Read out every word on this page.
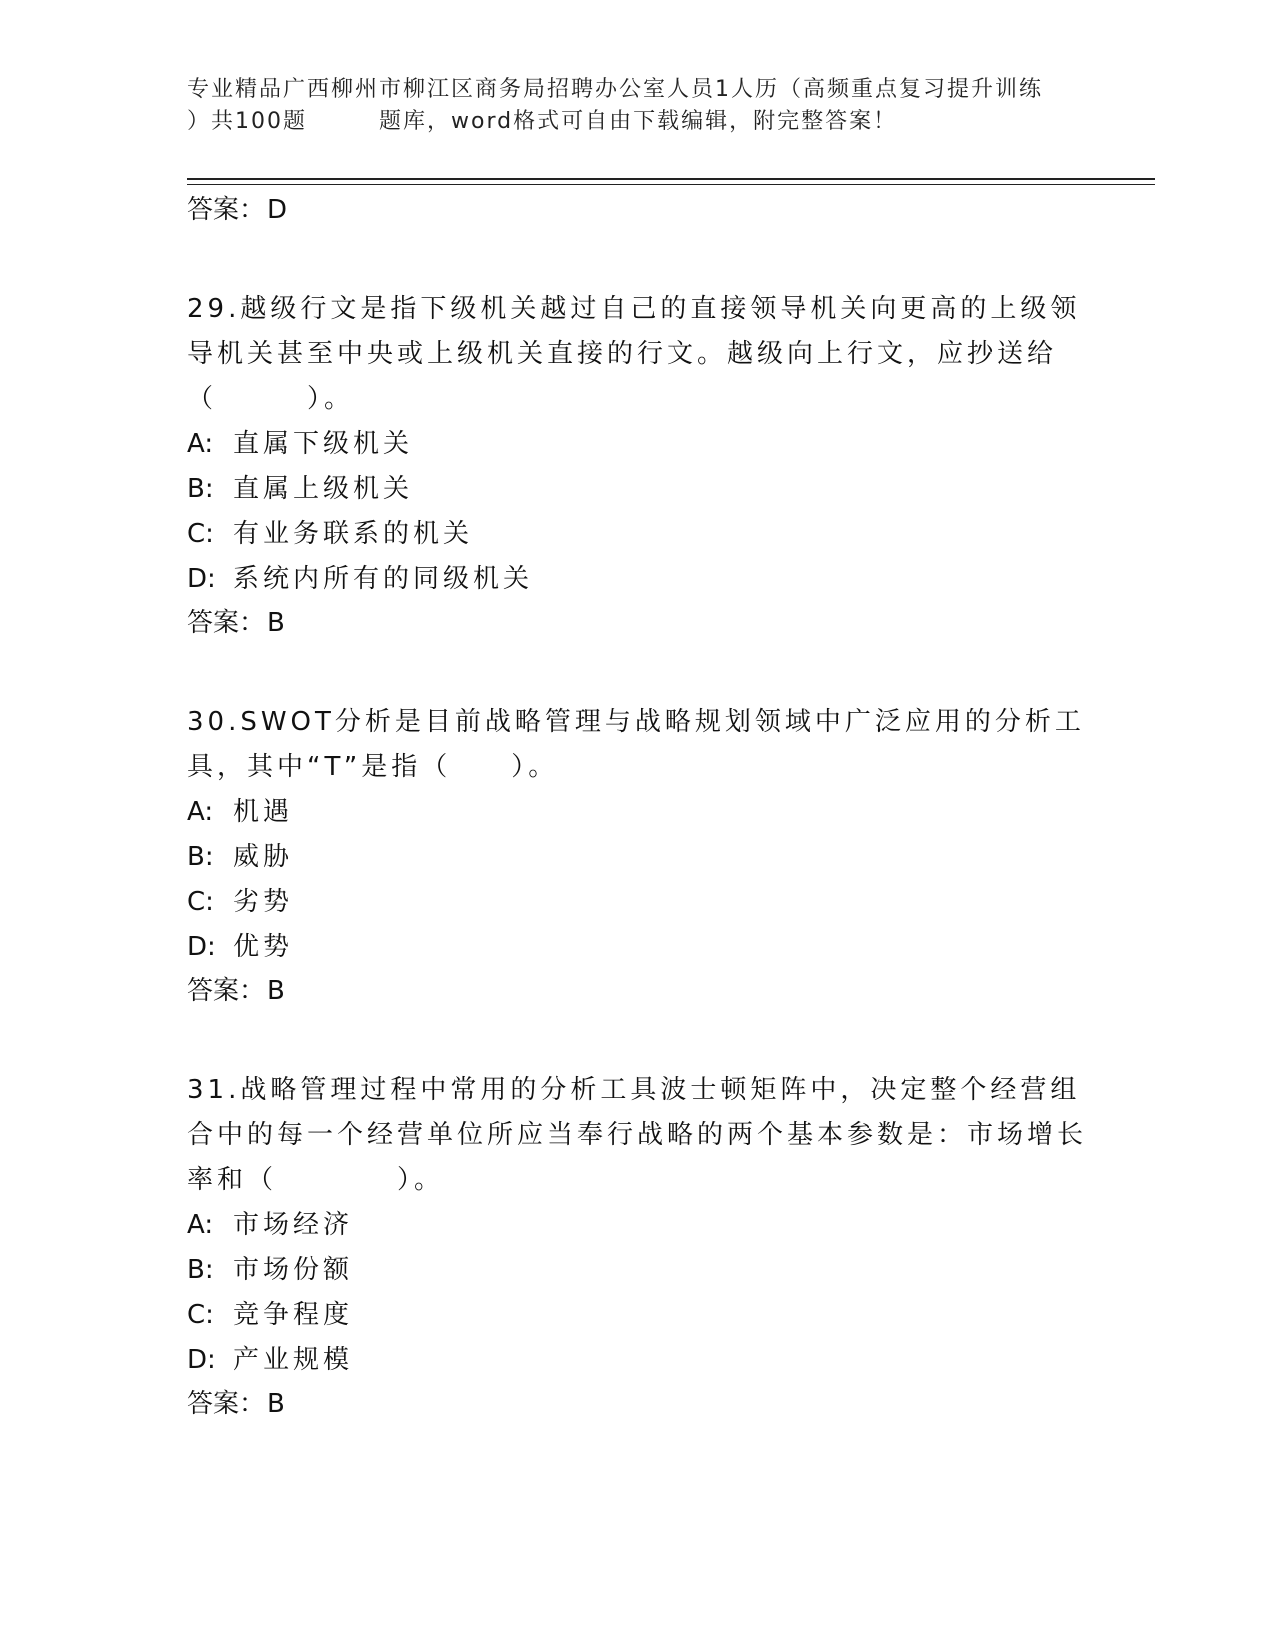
专业精品广西柳州市柳江区商务局招聘办公室人员1人历（高频重点复习提升训练
）共100题	题库，word格式可自由下载编辑，附完整答案！
答案： D

29.越级行文是指下级机关越过自己的直接领导机关向更高的上级领导机关甚至中央或上级机关直接的行文。越级向上行文，应抄送给（　　　）。

A: 直属下级机关
B: 直属上级机关
C: 有业务联系的机关
D: 系统内所有的同级机关
答案： B

30.SWOT分析是目前战略管理与战略规划领域中广泛应用的分析工具，其中“T”是指（　　）。

A: 机遇
B: 威胁
C: 劣势
D: 优势
答案： B

31.战略管理过程中常用的分析工具波士顿矩阵中，决定整个经营组合中的每一个经营单位所应当奉行战略的两个基本参数是：市场增长率和（　　　　）。

A: 市场经济
B: 市场份额
C: 竞争程度
D: 产业规模
答案： B
